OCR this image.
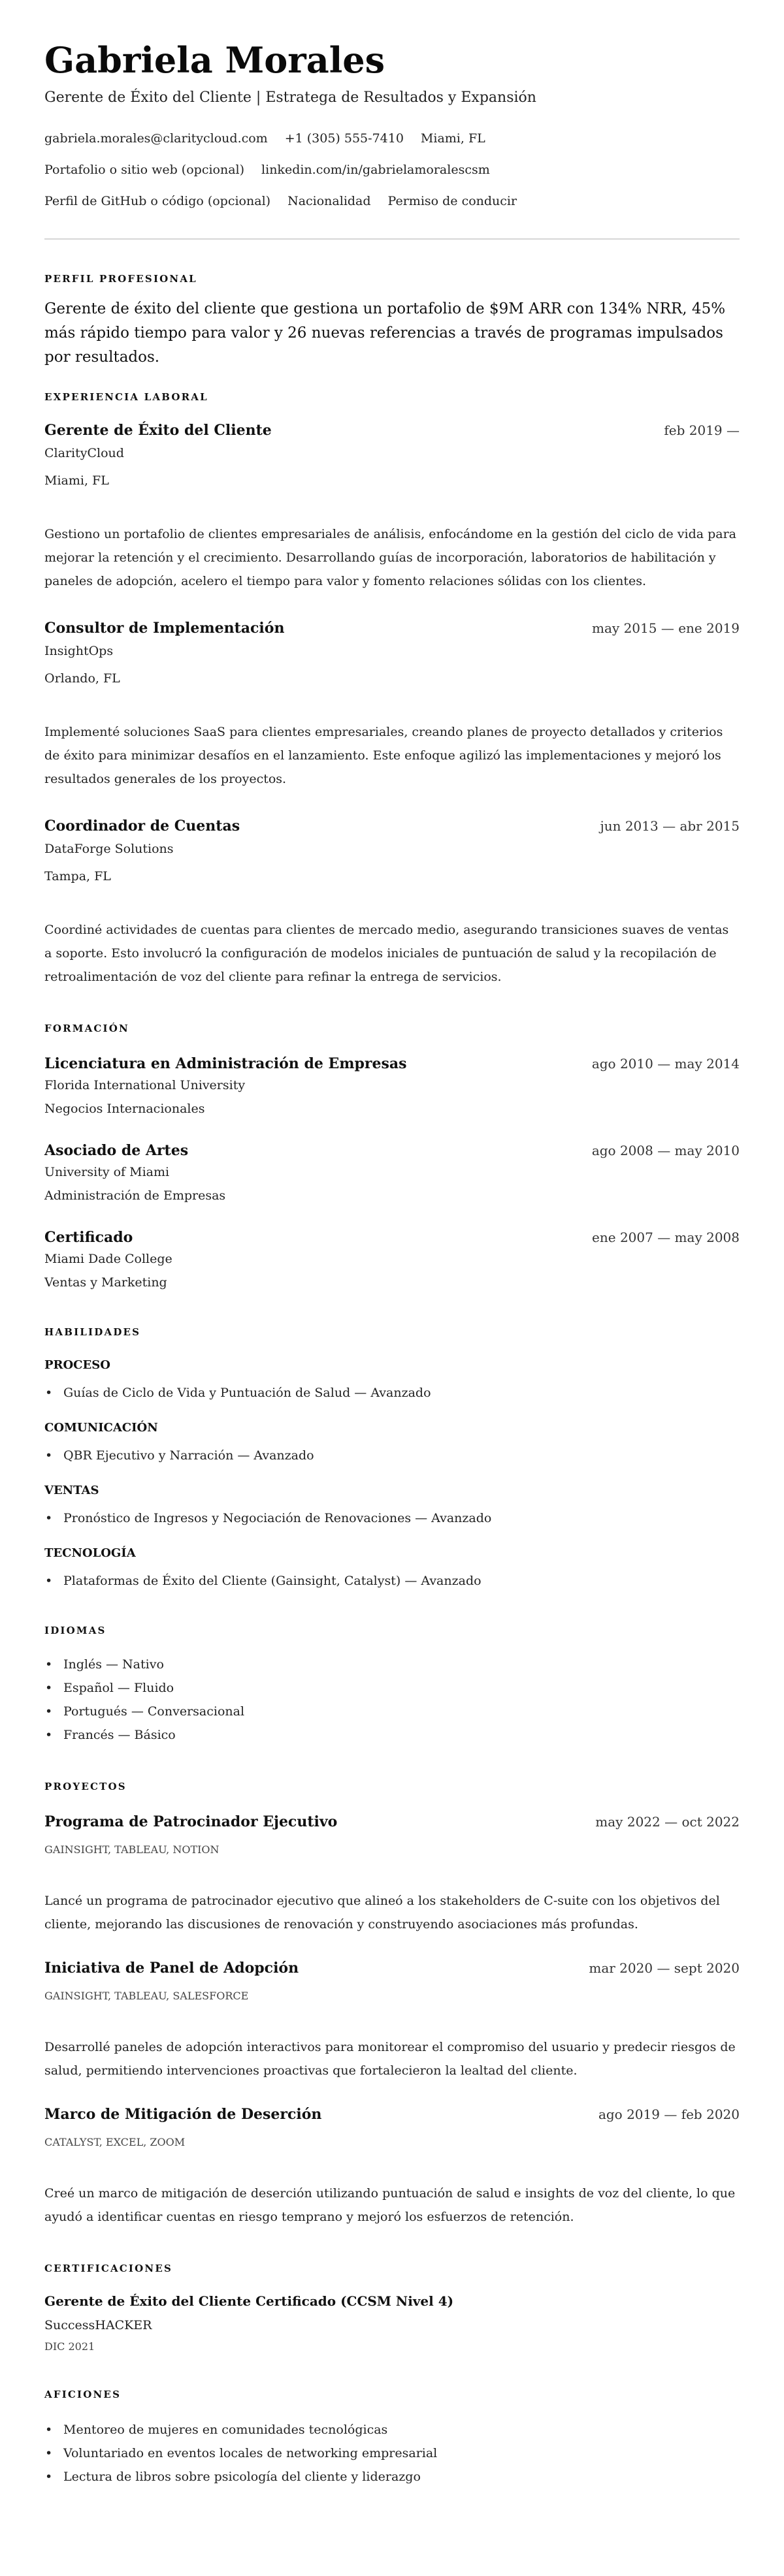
Gabriela Morales
Gerente de Éxito del Cliente | Estratega de Resultados y Expansión
gabriela.morales@claritycloud.com +1 (305) 555-7410 Miami, FL
Portafolio o sitio web (opcional) linkedin.com/in/gabrielamoralescsm
Perfil de GitHub o código (opcional) Nacionalidad Permiso de conducir
PERFIL PROFESIONAL
Gerente de éxito del cliente que gestiona un portafolio de $9M ARR con 134% NRR, 45% más rápido tiempo para valor y 26 nuevas referencias a través de programas impulsados por resultados.
EXPERIENCIA LABORAL
Gerente de Éxito del Cliente	feb 2019 —
ClarityCloud
Miami, FL
Gestiono un portafolio de clientes empresariales de análisis, enfocándome en la gestión del ciclo de vida para mejorar la retención y el crecimiento. Desarrollando guías de incorporación, laboratorios de habilitación y paneles de adopción, acelero el tiempo para valor y fomento relaciones sólidas con los clientes.
Consultor de Implementación	may 2015 — ene 2019
InsightOps
Orlando, FL
Implementé soluciones SaaS para clientes empresariales, creando planes de proyecto detallados y criterios de éxito para minimizar desafíos en el lanzamiento. Este enfoque agilizó las implementaciones y mejoró los resultados generales de los proyectos.
Coordinador de Cuentas	jun 2013 — abr 2015
DataForge Solutions
Tampa, FL
Coordiné actividades de cuentas para clientes de mercado medio, asegurando transiciones suaves de ventas a soporte. Esto involucró la configuración de modelos iniciales de puntuación de salud y la recopilación de retroalimentación de voz del cliente para refinar la entrega de servicios.
FORMACIÓN
Licenciatura en Administración de Empresas	ago 2010 — may 2014
Florida International University
Negocios Internacionales
Asociado de Artes	ago 2008 — may 2010
University of Miami
Administración de Empresas
Certificado	ene 2007 — may 2008
Miami Dade College
Ventas y Marketing
HABILIDADES
PROCESO
• Guías de Ciclo de Vida y Puntuación de Salud — Avanzado
COMUNICACIÓN
• QBR Ejecutivo y Narración — Avanzado
VENTAS
• Pronóstico de Ingresos y Negociación de Renovaciones — Avanzado
TECNOLOGÍA
• Plataformas de Éxito del Cliente (Gainsight, Catalyst) — Avanzado
IDIOMAS
• Inglés — Nativo
• Español — Fluido
• Portugués — Conversacional
• Francés — Básico
PROYECTOS
Programa de Patrocinador Ejecutivo	may 2022 — oct 2022
GAINSIGHT, TABLEAU, NOTION
Lancé un programa de patrocinador ejecutivo que alineó a los stakeholders de C-suite con los objetivos del cliente, mejorando las discusiones de renovación y construyendo asociaciones más profundas.
Iniciativa de Panel de Adopción	mar 2020 — sept 2020
GAINSIGHT, TABLEAU, SALESFORCE
Desarrollé paneles de adopción interactivos para monitorear el compromiso del usuario y predecir riesgos de salud, permitiendo intervenciones proactivas que fortalecieron la lealtad del cliente.
Marco de Mitigación de Deserción	ago 2019 — feb 2020
CATALYST, EXCEL, ZOOM
Creé un marco de mitigación de deserción utilizando puntuación de salud e insights de voz del cliente, lo que ayudó a identificar cuentas en riesgo temprano y mejoró los esfuerzos de retención.
CERTIFICACIONES
Gerente de Éxito del Cliente Certificado (CCSM Nivel 4)
SuccessHACKER
DIC 2021
AFICIONES
• Mentoreo de mujeres en comunidades tecnológicas
• Voluntariado en eventos locales de networking empresarial
• Lectura de libros sobre psicología del cliente y liderazgo
